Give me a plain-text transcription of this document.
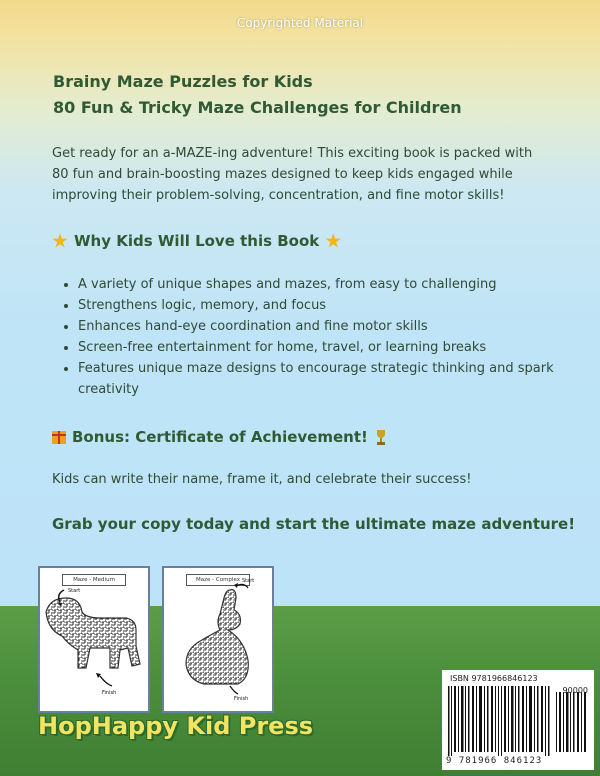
Copyrighted Material
Brainy Maze Puzzles for Kids
80 Fun & Tricky Maze Challenges for Children
Get ready for an a-MAZE-ing adventure! This exciting book is packed with 80 fun and brain-boosting mazes designed to keep kids engaged while improving their problem-solving, concentration, and fine motor skills!
Why Kids Will Love this Book
• A variety of unique shapes and mazes, from easy to challenging
• Strengthens logic, memory, and focus
• Enhances hand-eye coordination and fine motor skills
• Screen-free entertainment for home, travel, or learning breaks
• Features unique maze designs to encourage strategic thinking and spark creativity
Bonus: Certificate of Achievement!
Kids can write their name, frame it, and celebrate their success!
Grab your copy today and start the ultimate maze adventure!
Maze - Medium
Start
Finish
Maze - Complex Start
Finish
HopHappy Kid Press
ISBN 9781966846123
90000
9 781966 846123
